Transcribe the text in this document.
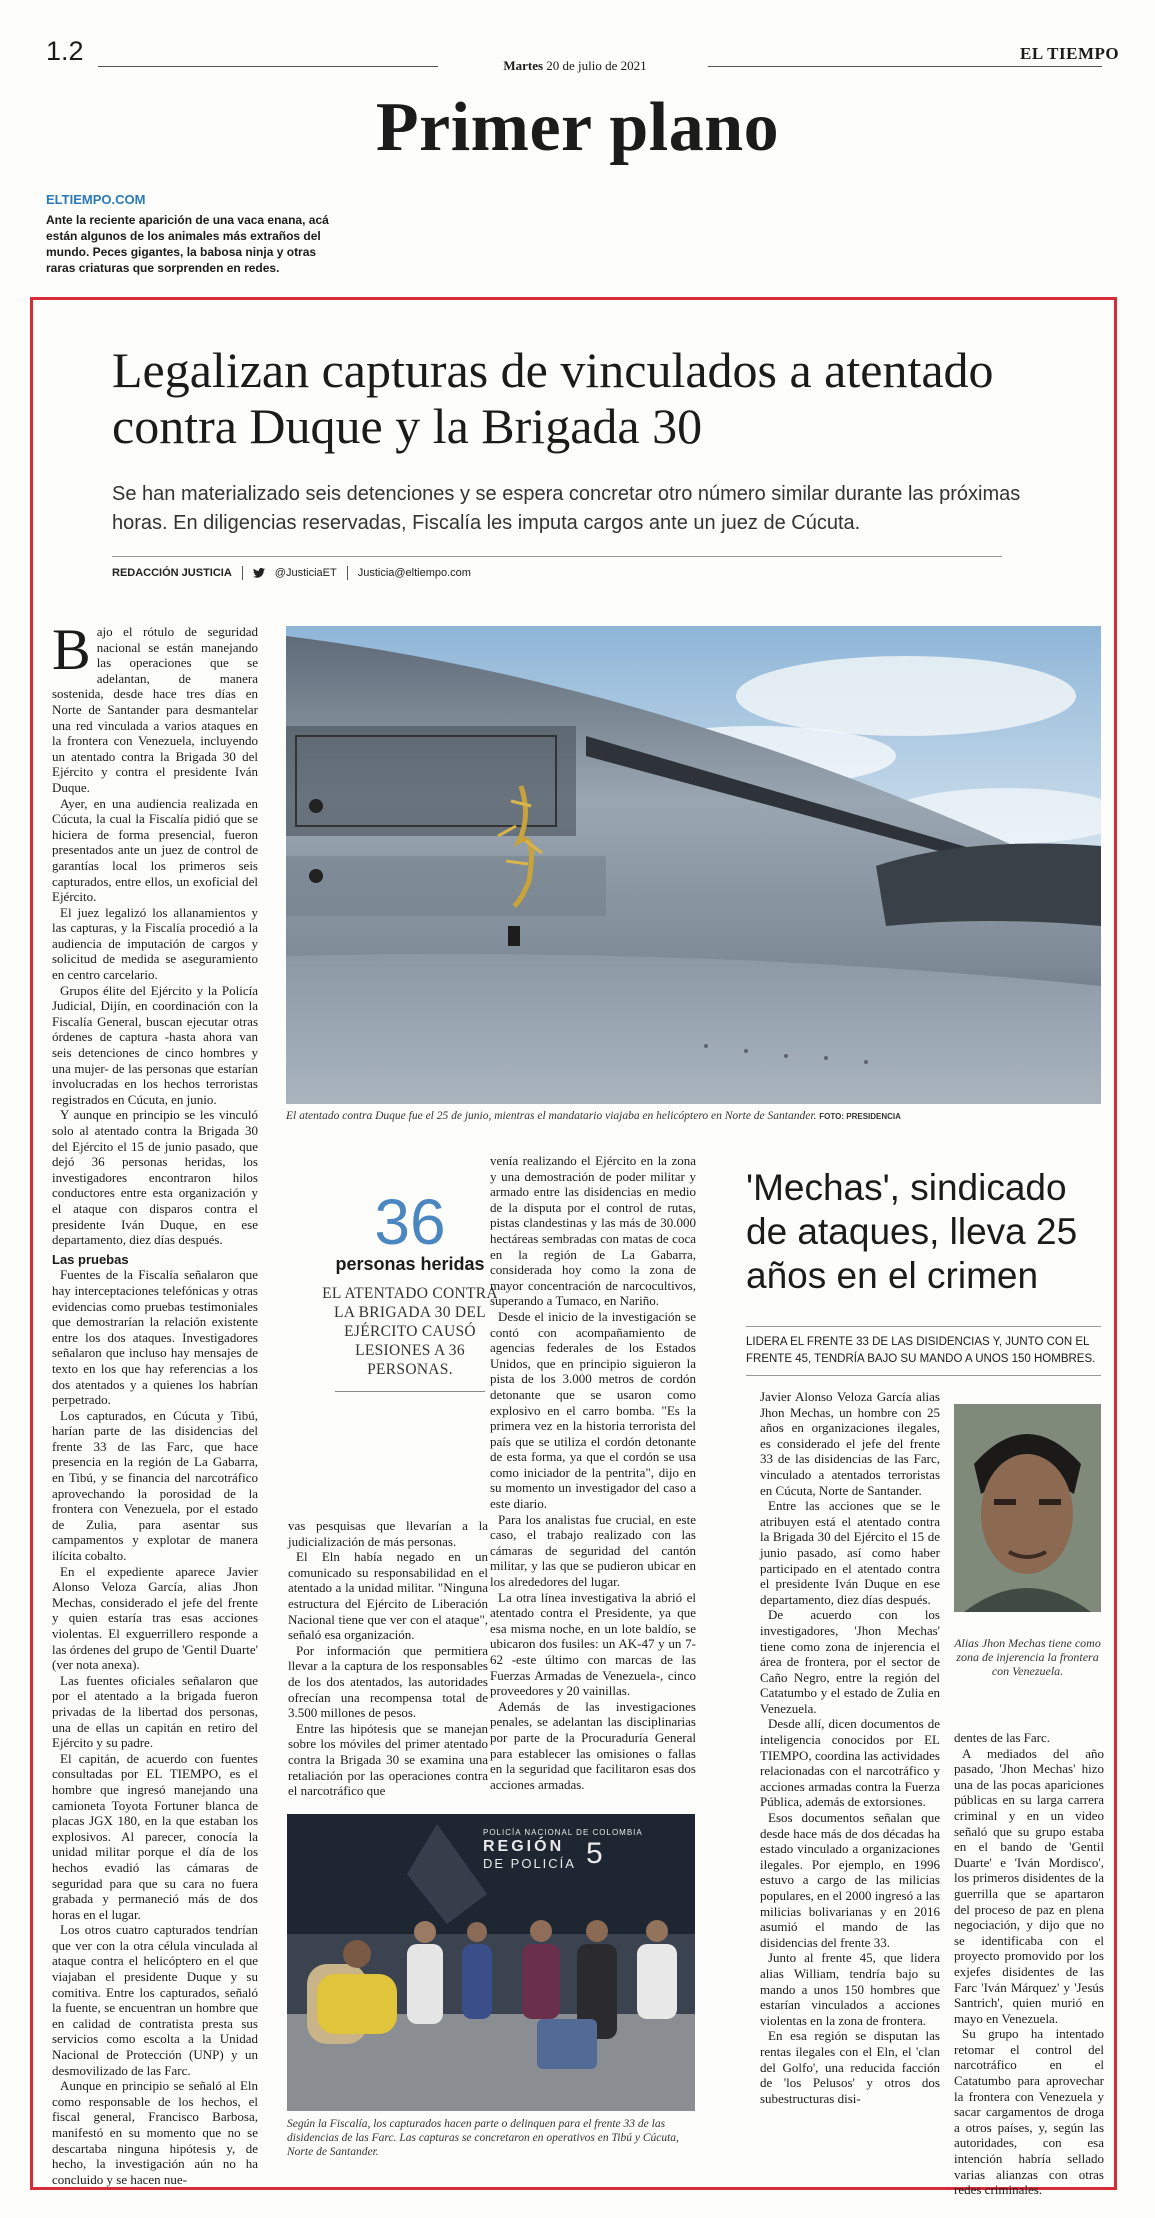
1.2	Martes 20 de julio de 2021
EL TIEMPO
Primer plano
ELTIEMPO.COM
Ante la reciente aparición de una vaca enana, acá están algunos de los animales más extraños del mundo. Peces gigantes, la babosa ninja y otras raras criaturas que sorprenden en redes.
Legalizan capturas de vinculados a atentado contra Duque y la Brigada 30
Se han materializado seis detenciones y se espera concretar otro número similar durante las próximas horas. En diligencias reservadas, Fiscalía les imputa cargos ante un juez de Cúcuta.
REDACCIÓN JUSTICIA	@JusticiaET Justicia@eltiempo.com

Bajo el rótulo de seguridad nacional se están manejando las operaciones que se adelantan, de manera sostenida, desde hace tres días en Norte de Santander para desmantelar una red vinculada a varios ataques en la frontera con Venezuela, incluyendo un atentado contra la Brigada 30 del Ejército y contra el presidente Iván Duque.

Ayer, en una audiencia realizada en Cúcuta, la cual la Fiscalía pidió que se hiciera de forma presencial, fueron presentados ante un juez de control de garantías local los primeros seis capturados, entre ellos, un exoficial del Ejército.

El juez legalizó los allanamientos y las capturas, y la Fiscalía procedió a la audiencia de imputación de cargos y solicitud de medida se aseguramiento en centro carcelario.

Grupos élite del Ejército y la Policía Judicial, Dijín, en coordinación con la Fiscalía General, buscan ejecutar otras órdenes de captura -hasta ahora van seis detenciones de cinco hombres y una mujer- de las personas que estarían involucradas en los hechos terroristas registrados en Cúcuta, en junio.

Y aunque en principio se les vinculó solo al atentado contra la Brigada 30 del Ejército el 15 de junio pasado, que dejó 36 personas heridas, los investigadores encontraron hilos conductores entre esta organización y el ataque con disparos contra el presidente Iván Duque, en ese departamento, diez días después.

Las pruebas

Fuentes de la Fiscalía señalaron que hay interceptaciones telefónicas y otras evidencias como pruebas testimoniales que demostrarían la relación existente entre los dos ataques. Investigadores señalaron que incluso hay mensajes de texto en los que hay referencias a los dos atentados y a quienes los habrían perpetrado.

Los capturados, en Cúcuta y Tibú, harían parte de las disidencias del frente 33 de las Farc, que hace presencia en la región de La Gabarra, en Tibú, y se financia del narcotráfico aprovechando la porosidad de la frontera con Venezuela, por el estado de Zulia, para asentar sus campamentos y explotar de manera ilícita cobalto.

En el expediente aparece Javier Alonso Veloza García, alias Jhon Mechas, considerado el jefe del frente y quien estaría tras esas acciones violentas. El exguerrillero responde a las órdenes del grupo de 'Gentil Duarte' (ver nota anexa).

Las fuentes oficiales señalaron que por el atentado a la brigada fueron privadas de la libertad dos personas, una de ellas un capitán en retiro del Ejército y su padre.

El capitán, de acuerdo con fuentes consultadas por EL TIEMPO, es el hombre que ingresó manejando una camioneta Toyota Fortuner blanca de placas JGX 180, en la que estaban los explosivos. Al parecer, conocía la unidad militar porque el día de los hechos evadió las cámaras de seguridad para que su cara no fuera grabada y permaneció más de dos horas en el lugar.

Los otros cuatro capturados tendrían que ver con la otra célula vinculada al ataque contra el helicóptero en el que viajaban el presidente Duque y su comitiva. Entre los capturados, señaló la fuente, se encuentran un hombre que en calidad de contratista presta sus servicios como escolta a la Unidad Nacional de Protección (UNP) y un desmovilizado de las Farc.

Aunque en principio se señaló al Eln como responsable de los hechos, el fiscal general, Francisco Barbosa, manifestó en su momento que no se descartaba ninguna hipótesis y, de hecho, la investigación aún no ha concluido y se hacen nue-

El atentado contra Duque fue el 25 de junio, mientras el mandatario viajaba en helicóptero en Norte de Santander. FOTO: PRESIDENCIA
36
personas heridas
EL ATENTADO CONTRA LA BRIGADA 30 DEL EJÉRCITO CAUSÓ LESIONES A 36 PERSONAS.

vas pesquisas que llevarían a la judicialización de más personas.

El Eln había negado en un comunicado su responsabilidad en el atentado a la unidad militar. "Ninguna estructura del Ejército de Liberación Nacional tiene que ver con el ataque", señaló esa organización.

Por información que permitiera llevar a la captura de los responsables de los dos atentados, las autoridades ofrecían una recompensa total de 3.500 millones de pesos.

Entre las hipótesis que se manejan sobre los móviles del primer atentado contra la Brigada 30 se examina una retaliación por las operaciones contra el narcotráfico que

venía realizando el Ejército en la zona y una demostración de poder militar y armado entre las disidencias en medio de la disputa por el control de rutas, pistas clandestinas y las más de 30.000 hectáreas sembradas con matas de coca en la región de La Gabarra, considerada hoy como la zona de mayor concentración de narcocultivos, superando a Tumaco, en Nariño.

Desde el inicio de la investigación se contó con acompañamiento de agencias federales de los Estados Unidos, que en principio siguieron la pista de los 3.000 metros de cordón detonante que se usaron como explosivo en el carro bomba. "Es la primera vez en la historia terrorista del país que se utiliza el cordón detonante de esta forma, ya que el cordón se usa como iniciador de la pentrita", dijo en su momento un investigador del caso a este diario.

Para los analistas fue crucial, en este caso, el trabajo realizado con las cámaras de seguridad del cantón militar, y las que se pudieron ubicar en los alrededores del lugar.

La otra línea investigativa la abrió el atentado contra el Presidente, ya que esa misma noche, en un lote baldío, se ubicaron dos fusiles: un AK-47 y un 7-62 -este último con marcas de las Fuerzas Armadas de Venezuela-, cinco proveedores y 20 vainillas.

Además de las investigaciones penales, se adelantan las disciplinarias por parte de la Procuraduría General para establecer las omisiones o fallas en la seguridad que facilitaron esas dos acciones armadas.

POLICÍA NACIONAL DE COLOMBIA
REGIÓN
DE POLICÍA 5
Según la Fiscalía, los capturados hacen parte o delinquen para el frente 33 de las disidencias de las Farc. Las capturas se concretaron en operativos en Tibú y Cúcuta, Norte de Santander.
'Mechas', sindicado de ataques, lleva 25 años en el crimen
LIDERA EL FRENTE 33 DE LAS DISIDENCIAS Y, JUNTO CON EL FRENTE 45, TENDRÍA BAJO SU MANDO A UNOS 150 HOMBRES.

Javier Alonso Veloza García alias Jhon Mechas, un hombre con 25 años en organizaciones ilegales, es considerado el jefe del frente 33 de las disidencias de las Farc, vinculado a atentados terroristas en Cúcuta, Norte de Santander.

Entre las acciones que se le atribuyen está el atentado contra la Brigada 30 del Ejército el 15 de junio pasado, así como haber participado en el atentado contra el presidente Iván Duque en ese departamento, diez días después.

De acuerdo con los investigadores, 'Jhon Mechas' tiene como zona de injerencia el área de frontera, por el sector de Caño Negro, entre la región del Catatumbo y el estado de Zulia en Venezuela.

Desde allí, dicen documentos de inteligencia conocidos por EL TIEMPO, coordina las actividades relacionadas con el narcotráfico y acciones armadas contra la Fuerza Pública, además de extorsiones.

Esos documentos señalan que desde hace más de dos décadas ha estado vinculado a organizaciones ilegales. Por ejemplo, en 1996 estuvo a cargo de las milicias populares, en el 2000 ingresó a las milicias bolivarianas y en 2016 asumió el mando de las disidencias del frente 33.

Junto al frente 45, que lidera alias William, tendría bajo su mando a unos 150 hombres que estarían vinculados a acciones violentas en la zona de frontera.

En esa región se disputan las rentas ilegales con el Eln, el 'clan del Golfo', una reducida facción de 'los Pelusos' y otros dos subestructuras disi-

Alias Jhon Mechas tiene como zona de injerencia la frontera con Venezuela.

dentes de las Farc.

A mediados del año pasado, 'Jhon Mechas' hizo una de las pocas apariciones públicas en su larga carrera criminal y en un video señaló que su grupo estaba en el bando de 'Gentil Duarte' e 'Iván Mordisco', los primeros disidentes de la guerrilla que se apartaron del proceso de paz en plena negociación, y dijo que no se identificaba con el proyecto promovido por los exjefes disidentes de las Farc 'Iván Márquez' y 'Jesús Santrich', quien murió en mayo en Venezuela.

Su grupo ha intentado retomar el control del narcotráfico en el Catatumbo para aprovechar la frontera con Venezuela y sacar cargamentos de droga a otros países, y, según las autoridades, con esa intención habría sellado varias alianzas con otras redes criminales.
